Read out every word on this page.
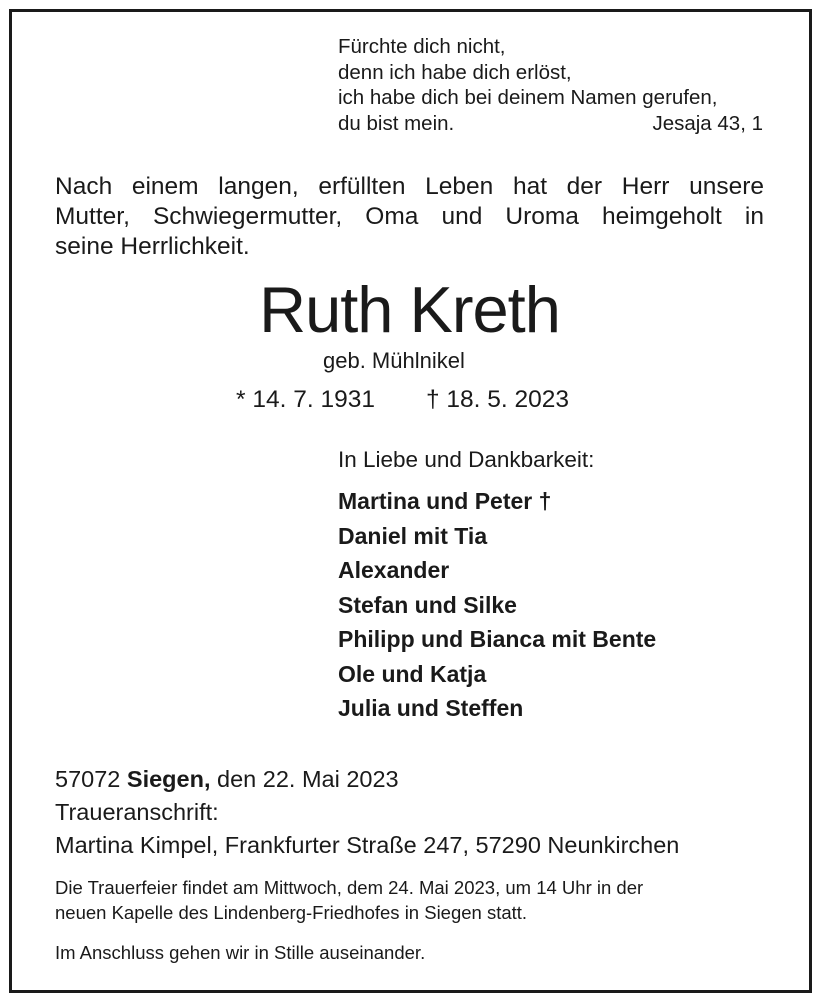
Fürchte dich nicht,
denn ich habe dich erlöst,
ich habe dich bei deinem Namen gerufen,
du bist mein.	Jesaja 43, 1
Nach einem langen, erfüllten Leben hat der Herr unsere
Mutter, Schwiegermutter, Oma und Uroma heimgeholt in
seine Herrlichkeit.
Ruth Kreth
geb. Mühlnikel
* 14. 7. 1931 † 18. 5. 2023
In Liebe und Dankbarkeit:
Martina und Peter †
Daniel mit Tia
Alexander
Stefan und Silke
Philipp und Bianca mit Bente
Ole und Katja
Julia und Steffen
57072 Siegen, den 22. Mai 2023
Traueranschrift:
Martina Kimpel, Frankfurter Straße 247, 57290 Neunkirchen
Die Trauerfeier findet am Mittwoch, dem 24. Mai 2023, um 14 Uhr in der
neuen Kapelle des Lindenberg-Friedhofes in Siegen statt.
Im Anschluss gehen wir in Stille auseinander.
